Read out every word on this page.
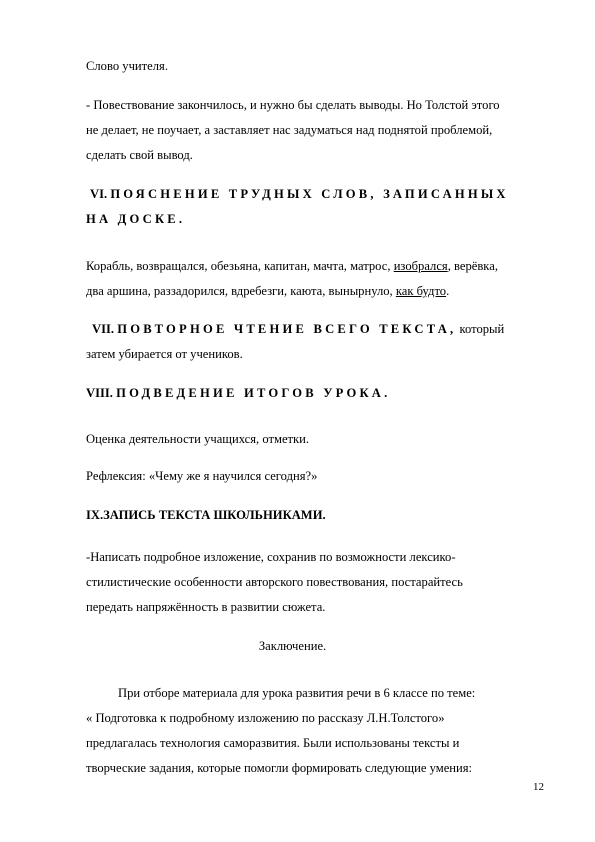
Слово учителя.
- Повествование закончилось, и нужно бы сделать выводы. Но Толстой этого
не делает, не поучает, а заставляет нас задуматься над поднятой проблемой,
сделать свой вывод.
VI. ПОЯСНЕНИЕ ТРУДНЫХ СЛОВ, ЗАПИСАННЫХ
НА ДОСКЕ.
Корабль, возвращался, обезьяна, капитан, мачта, матрос, изобрался, верёвка,
два аршина, раззадорился, вдребезги, каюта, вынырнуло, как будто.
VII. ПОВТОРНОЕ ЧТЕНИЕ ВСЕГО ТЕКСТА, который
затем убирается от учеников.
VIII. ПОДВЕДЕНИЕ ИТОГОВ УРОКА.
Оценка деятельности учащихся, отметки.
Рефлексия: «Чему же я научился сегодня?»
IX.ЗАПИСЬ ТЕКСТА ШКОЛЬНИКАМИ.
-Написать подробное изложение, сохранив по возможности лексико-
стилистические особенности авторского повествования, постарайтесь
передать напряжённость в развитии сюжета.
Заключение.
При отборе материала для урока развития речи в 6 классе по теме:
« Подготовка к подробному изложению по рассказу Л.Н.Толстого»
предлагалась технология саморазвития. Были использованы тексты и
творческие задания, которые помогли формировать следующие умения:
12
